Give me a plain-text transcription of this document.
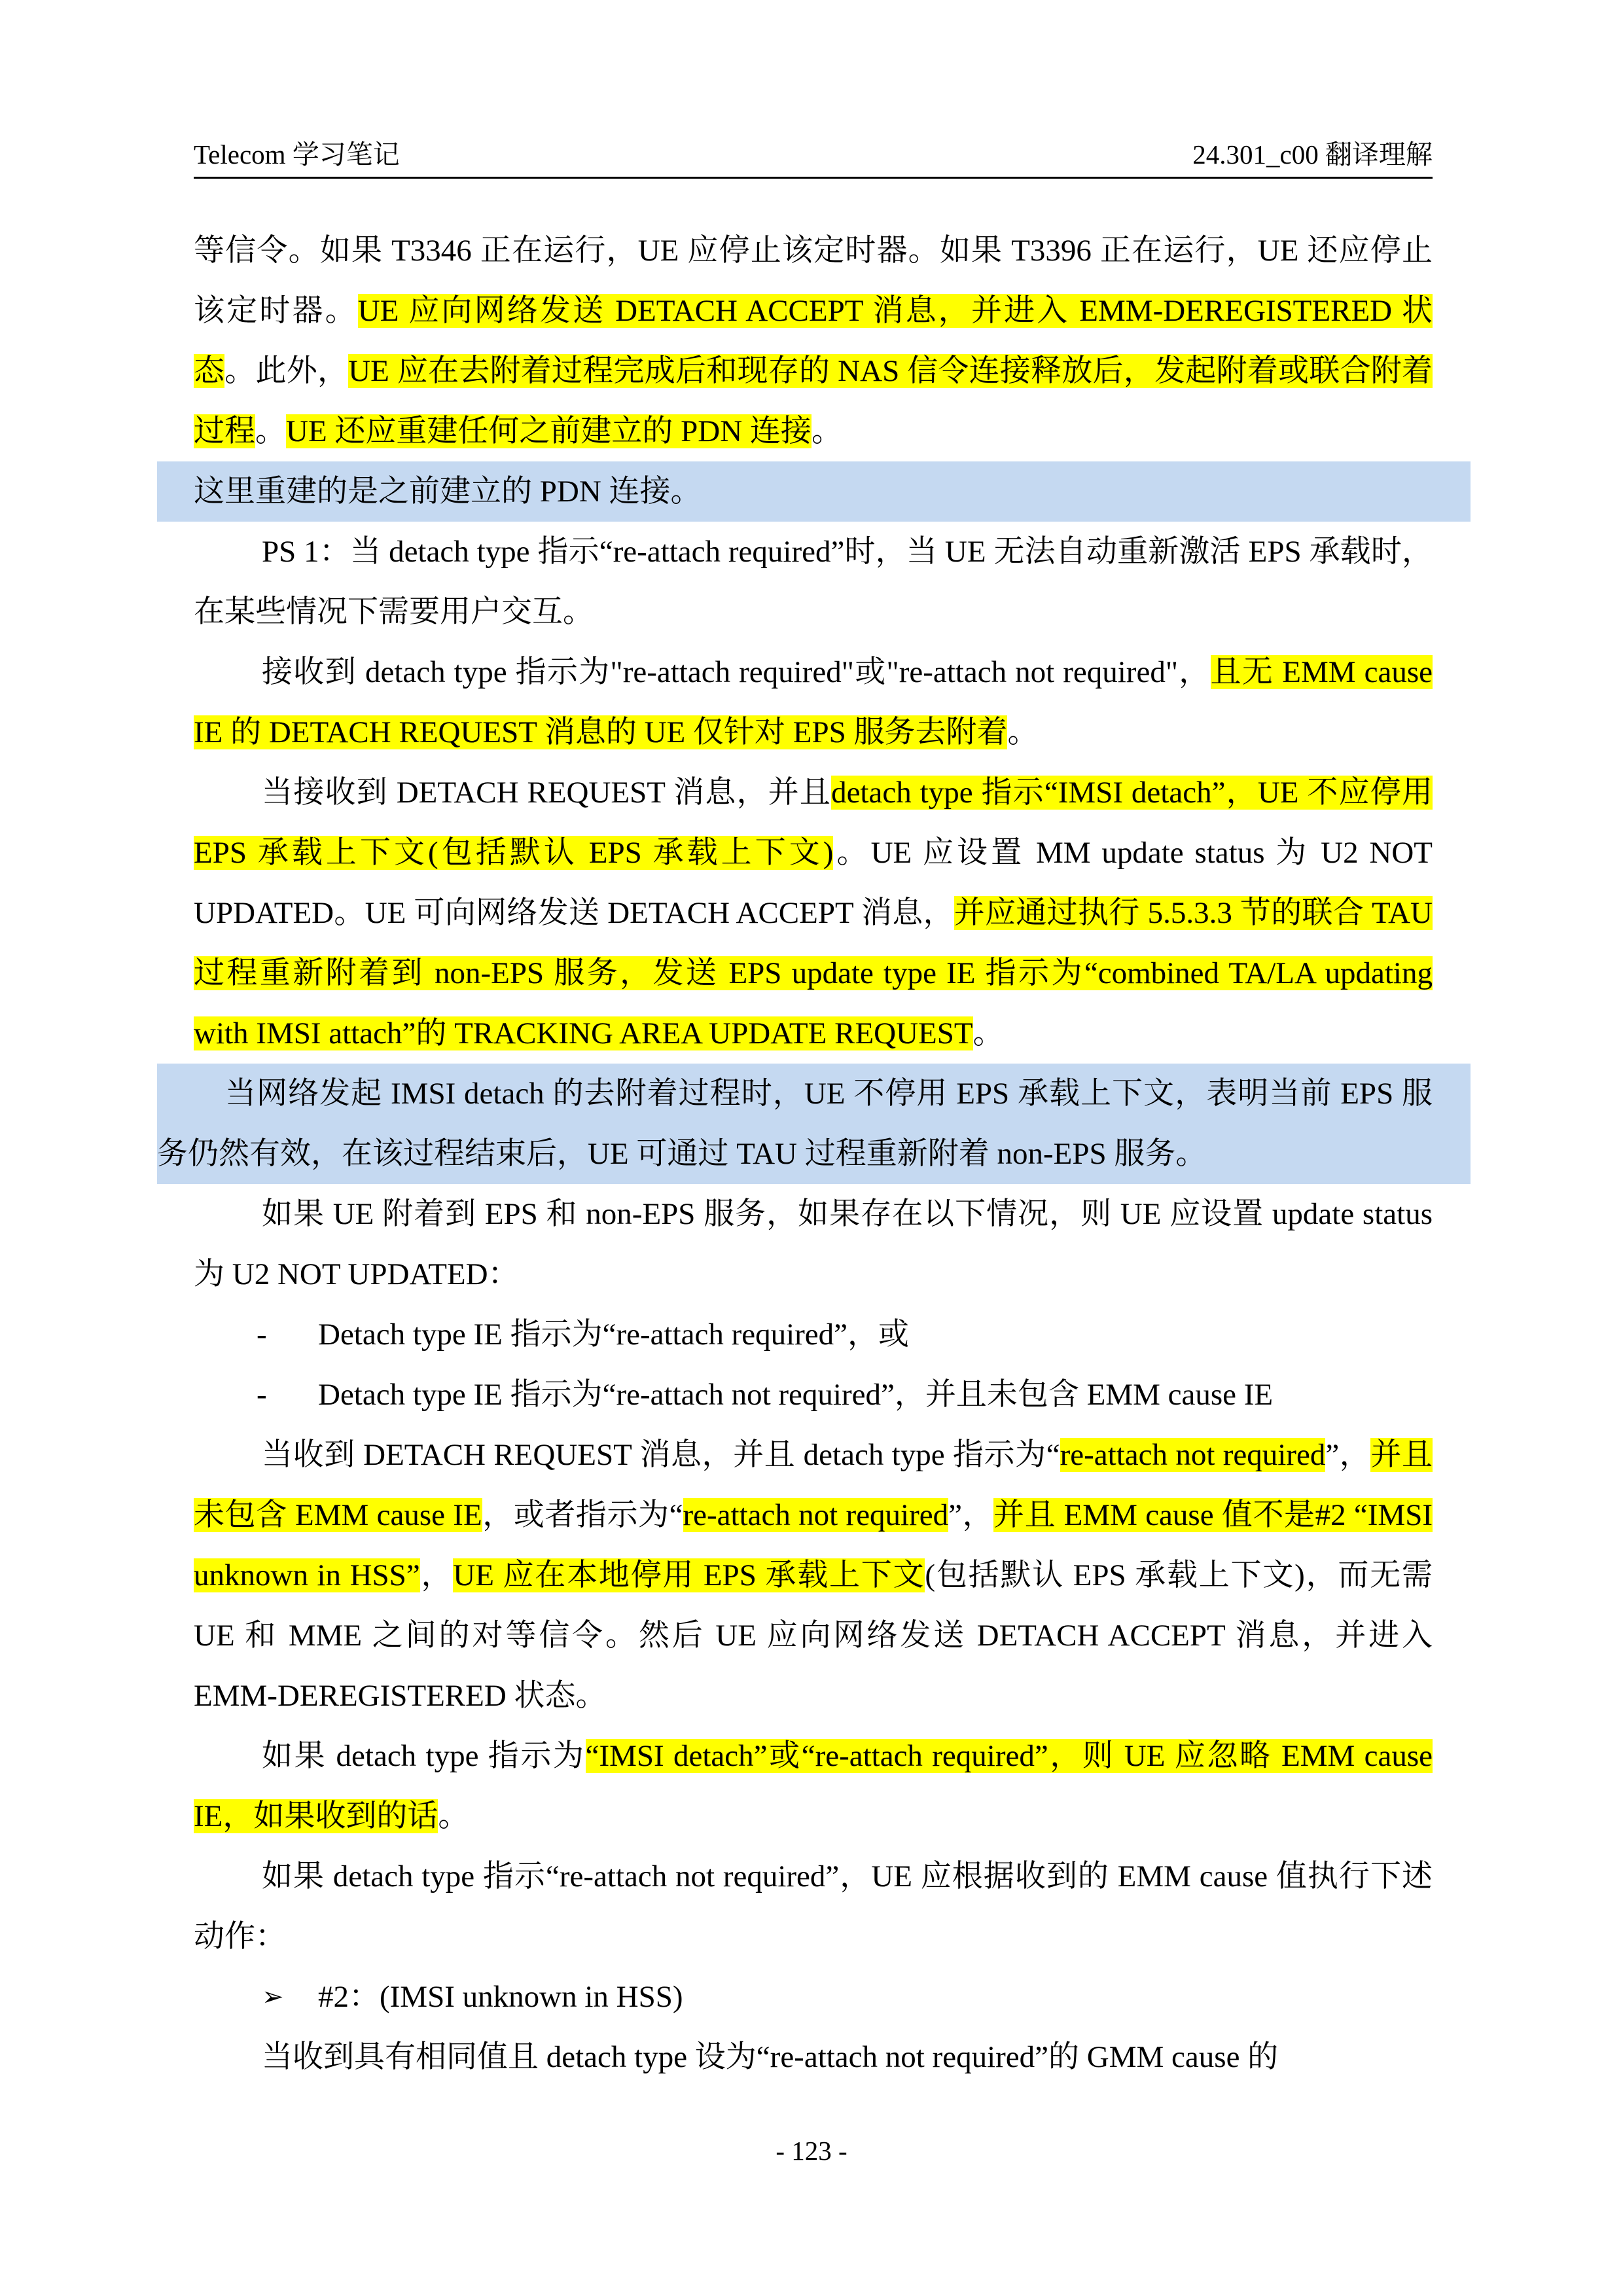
Telecom 学习笔记	24.301_c00 翻译理解

等信令。如果 T3346 正在运行，UE 应停止该定时器。如果 T3396 正在运行，UE 还应停止该定时器。UE 应向网络发送 DETACH ACCEPT 消息，并进入 EMM-DEREGISTERED 状态。此外，UE 应在去附着过程完成后和现存的 NAS 信令连接释放后，发起附着或联合附着过程。UE 还应重建任何之前建立的 PDN 连接。

这里重建的是之前建立的 PDN 连接。

PS 1：当 detach type 指示“re-attach required”时，当 UE 无法自动重新激活 EPS 承载时，在某些情况下需要用户交互。

接收到 detach type 指示为"re-attach required"或"re-attach not required"，且无 EMM cause IE 的 DETACH REQUEST 消息的 UE 仅针对 EPS 服务去附着。

当接收到 DETACH REQUEST 消息，并且detach type 指示“IMSI detach”，UE 不应停用 EPS 承载上下文(包括默认 EPS 承载上下文)。UE 应设置 MM update status 为 U2 NOT UPDATED。UE 可向网络发送 DETACH ACCEPT 消息，并应通过执行 5.5.3.3 节的联合 TAU 过程重新附着到 non-EPS 服务，发送 EPS update type IE 指示为“combined TA/LA updating with IMSI attach”的 TRACKING AREA UPDATE REQUEST。

当网络发起 IMSI detach 的去附着过程时，UE 不停用 EPS 承载上下文，表明当前 EPS 服务仍然有效，在该过程结束后，UE 可通过 TAU 过程重新附着 non-EPS 服务。

如果 UE 附着到 EPS 和 non-EPS 服务，如果存在以下情况，则 UE 应设置 update status 为 U2 NOT UPDATED：

- Detach type IE 指示为“re-attach required”，或

- Detach type IE 指示为“re-attach not required”，并且未包含 EMM cause IE

当收到 DETACH REQUEST 消息，并且 detach type 指示为“re-attach not required”，并且未包含 EMM cause IE，或者指示为“re-attach not required”，并且 EMM cause 值不是#2 “IMSI unknown in HSS”，UE 应在本地停用 EPS 承载上下文(包括默认 EPS 承载上下文)，而无需 UE 和 MME 之间的对等信令。然后 UE 应向网络发送 DETACH ACCEPT 消息，并进入 EMM-DEREGISTERED 状态。

如果 detach type 指示为“IMSI detach”或“re-attach required”，则 UE 应忽略 EMM cause IE，如果收到的话。

如果 detach type 指示“re-attach not required”，UE 应根据收到的 EMM cause 值执行下述动作：

➢ #2：(IMSI unknown in HSS)

当收到具有相同值且 detach type 设为“re-attach not required”的 GMM cause 的

- 123 -
